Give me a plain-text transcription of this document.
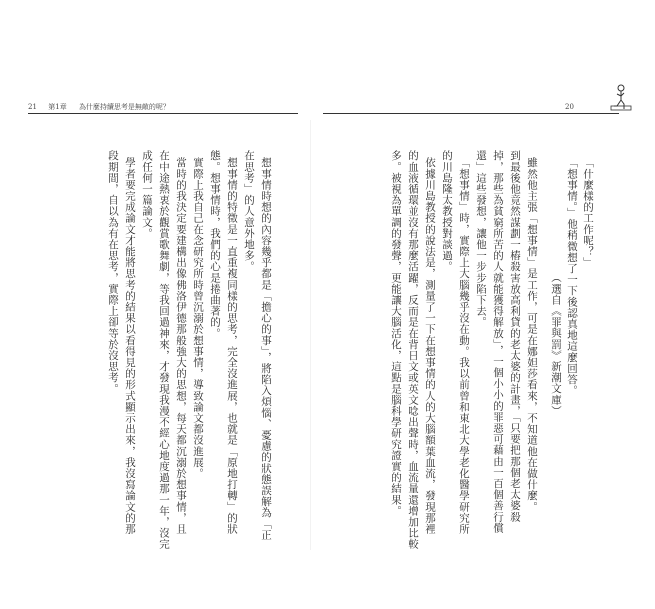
21 第1章 為什麼持續思考是無敵的呢？	20
「什麼樣的工作呢？」
「想事情。」他稍微想了一下後認真地這麼回答。
（選自《罪與罰》新潮文庫）
雖然他主張「想事情」是工作，可是在娜妲莎看來，不知道他在做什麼。
到最後他竟然謀劃一樁殺害放高利貸的老太婆的計畫，「只要把那個老太婆殺
掉，那些為貧窮所苦的人就能獲得解放」，一個小小的罪惡可藉由一百個善行償
還」這些發想，讓他一步步陷下去。
「想事情」時，實際上大腦幾乎沒在動。我以前曾和東北大學老化醫學研究所
的川島隆太教授對談過。
依據川島教授的說法是，測量了一下在想事情的人的大腦額葉血流，發現那裡
的血液循環並沒有那麼活躍，反而是在背日文或英文唸出聲時，血流量還增加比較
多。被視為單調的發聲，更能讓大腦活化，這點是腦科學研究證實的結果。
想事情時想的內容幾乎都是「擔心的事」，將陷入煩惱、憂慮的狀態誤解為「正
在思考」的人意外地多。
想事情的特徵是一直重複同樣的思考，完全沒進展，也就是「原地打轉」的狀
態。想事情時，我們的心是捲曲著的。
實際上我自己在念研究所時曾沉溺於想事情，導致論文都沒進展。
當時的我決定要建構出像佛洛伊德那般強大的思想，每天都沉溺於想事情，且
在中途熱衷於觀賞歌舞劇，等我回過神來，才發現我漫不經心地度過那一年，沒完
成任何一篇論文。
學者要完成論文才能將思考的結果以看得見的形式顯示出來，我沒寫論文的那
段期間，自以為有在思考，實際上卻等於沒思考。
